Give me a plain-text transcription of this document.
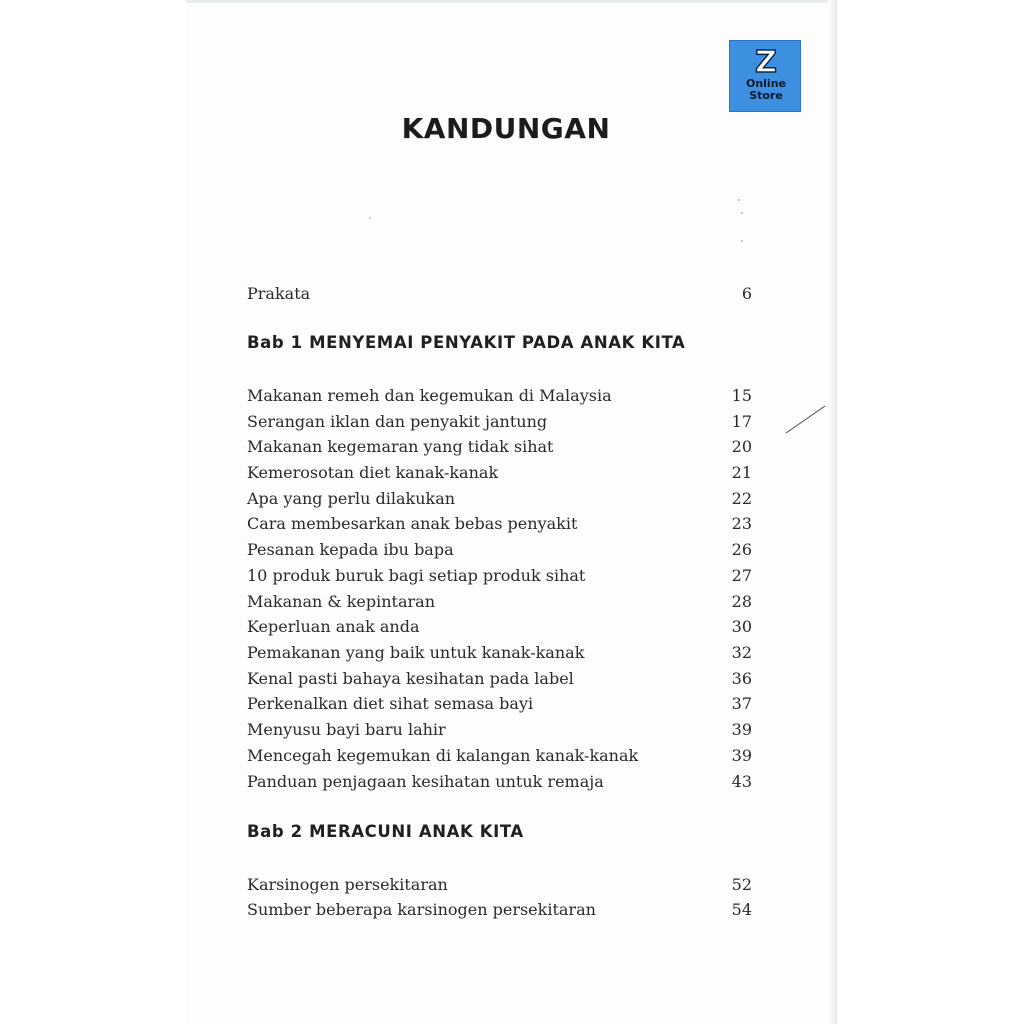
Z
Online
Store
KANDUNGAN
Prakata	6
Bab 1 MENYEMAI PENYAKIT PADA ANAK KITA
Makanan remeh dan kegemukan di Malaysia	15
Serangan iklan dan penyakit jantung	17
Makanan kegemaran yang tidak sihat	20
Kemerosotan diet kanak-kanak	21
Apa yang perlu dilakukan	22
Cara membesarkan anak bebas penyakit	23
Pesanan kepada ibu bapa	26
10 produk buruk bagi setiap produk sihat	27
Makanan & kepintaran	28
Keperluan anak anda	30
Pemakanan yang baik untuk kanak-kanak	32
Kenal pasti bahaya kesihatan pada label	36
Perkenalkan diet sihat semasa bayi	37
Menyusu bayi baru lahir	39
Mencegah kegemukan di kalangan kanak-kanak	39
Panduan penjagaan kesihatan untuk remaja	43
Bab 2 MERACUNI ANAK KITA
Karsinogen persekitaran	52
Sumber beberapa karsinogen persekitaran	54
